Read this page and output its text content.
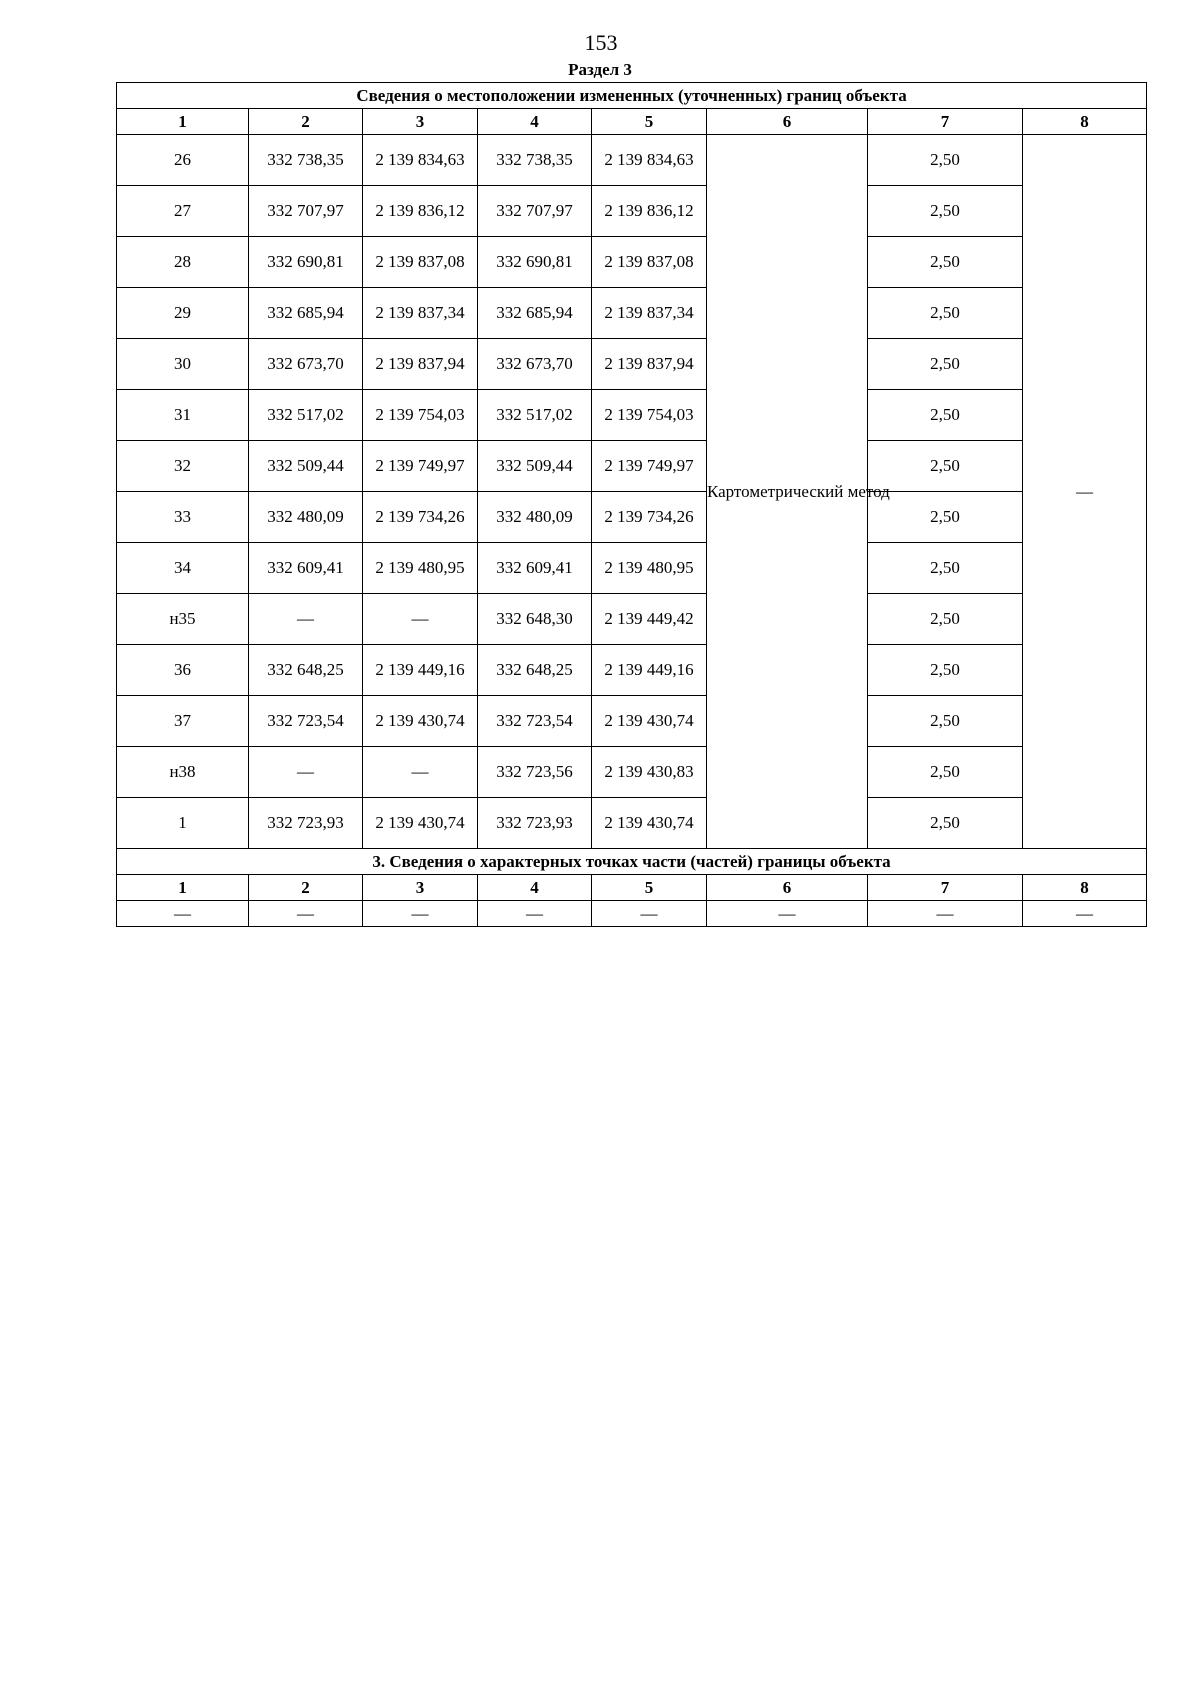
153
Раздел 3
Сведения о местоположении измененных (уточненных) границ объекта							
1	2	3	4	5	6	7	8
26	332 738,35	2 139 834,63	332 738,35	2 139 834,63	Картометрический метод	2,50	—
27	332 707,97	2 139 836,12	332 707,97	2 139 836,12		2,50	
28	332 690,81	2 139 837,08	332 690,81	2 139 837,08		2,50	
29	332 685,94	2 139 837,34	332 685,94	2 139 837,34		2,50	
30	332 673,70	2 139 837,94	332 673,70	2 139 837,94		2,50	
31	332 517,02	2 139 754,03	332 517,02	2 139 754,03		2,50	
32	332 509,44	2 139 749,97	332 509,44	2 139 749,97		2,50	
33	332 480,09	2 139 734,26	332 480,09	2 139 734,26		2,50	
34	332 609,41	2 139 480,95	332 609,41	2 139 480,95		2,50	
н35	—	—	332 648,30	2 139 449,42		2,50	
36	332 648,25	2 139 449,16	332 648,25	2 139 449,16		2,50	
37	332 723,54	2 139 430,74	332 723,54	2 139 430,74		2,50	
н38	—	—	332 723,56	2 139 430,83		2,50	
1	332 723,93	2 139 430,74	332 723,93	2 139 430,74		2,50	
3. Сведения о характерных точках части (частей) границы объекта							
1	2	3	4	5	6	7	8
—	—	—	—	—	—	—	—
